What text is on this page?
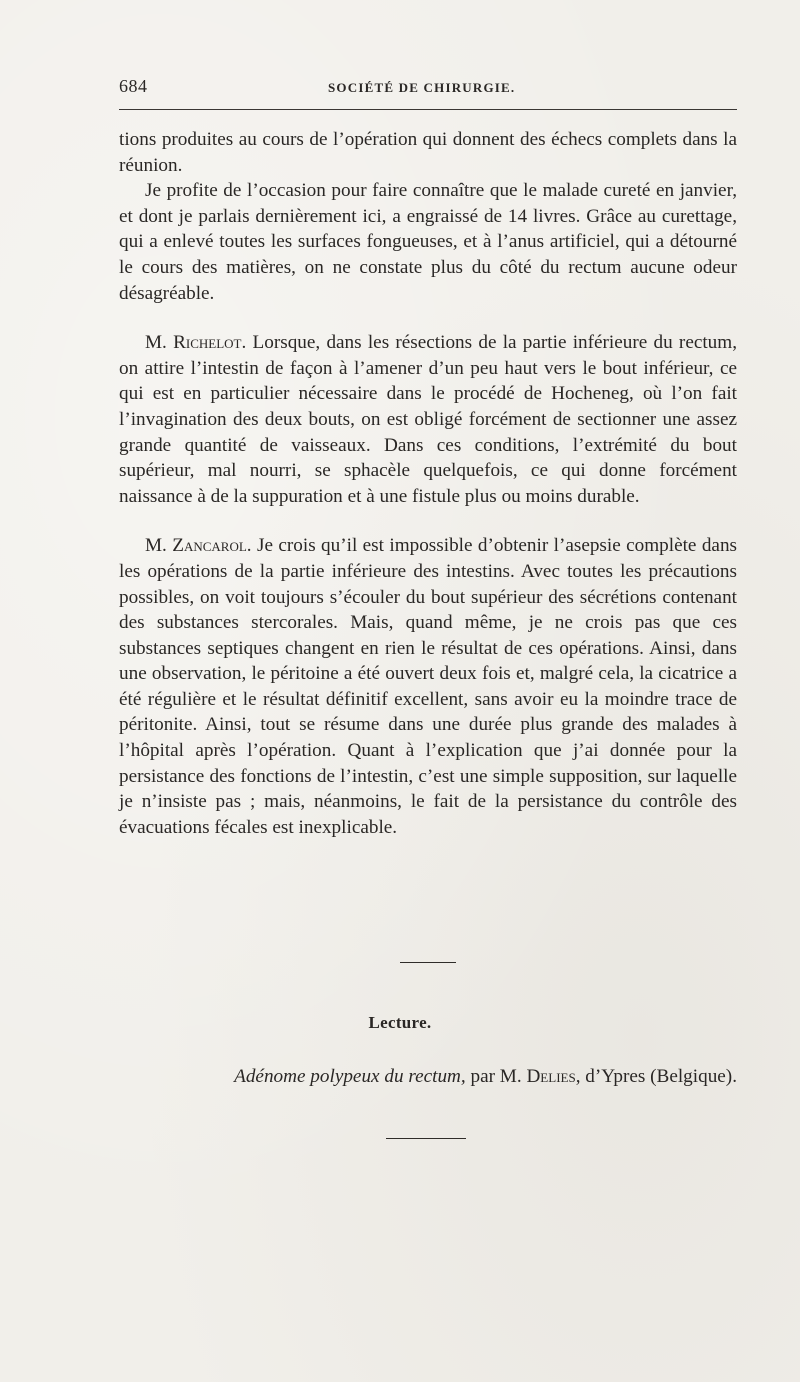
684	SOCIÉTÉ DE CHIRURGIE.

tions produites au cours de l’opération qui donnent des échecs complets dans la réunion.

Je profite de l’occasion pour faire connaître que le malade cureté en janvier, et dont je parlais dernièrement ici, a engraissé de 14 livres. Grâce au curettage, qui a enlevé toutes les surfaces fongueuses, et à l’anus artificiel, qui a détourné le cours des matières, on ne constate plus du côté du rectum aucune odeur désagréable.

M. Richelot. Lorsque, dans les résections de la partie inférieure du rectum, on attire l’intestin de façon à l’amener d’un peu haut vers le bout inférieur, ce qui est en particulier nécessaire dans le procédé de Hocheneg, où l’on fait l’invagination des deux bouts, on est obligé forcément de sectionner une assez grande quantité de vaisseaux. Dans ces conditions, l’extrémité du bout supérieur, mal nourri, se sphacèle quelquefois, ce qui donne forcément naissance à de la suppuration et à une fistule plus ou moins durable.

M. Zancarol. Je crois qu’il est impossible d’obtenir l’asepsie complète dans les opérations de la partie inférieure des intestins. Avec toutes les précautions possibles, on voit toujours s’écouler du bout supérieur des sécrétions contenant des substances stercorales. Mais, quand même, je ne crois pas que ces substances septiques changent en rien le résultat de ces opérations. Ainsi, dans une observation, le péritoine a été ouvert deux fois et, malgré cela, la cicatrice a été régulière et le résultat définitif excellent, sans avoir eu la moindre trace de péritonite. Ainsi, tout se résume dans une durée plus grande des malades à l’hôpital après l’opération. Quant à l’explication que j’ai donnée pour la persistance des fonctions de l’intestin, c’est une simple supposition, sur laquelle je n’insiste pas ; mais, néanmoins, le fait de la persistance du contrôle des évacuations fécales est inexplicable.

Lecture.
Adénome polypeux du rectum, par M. Delies, d’Ypres (Belgique).
